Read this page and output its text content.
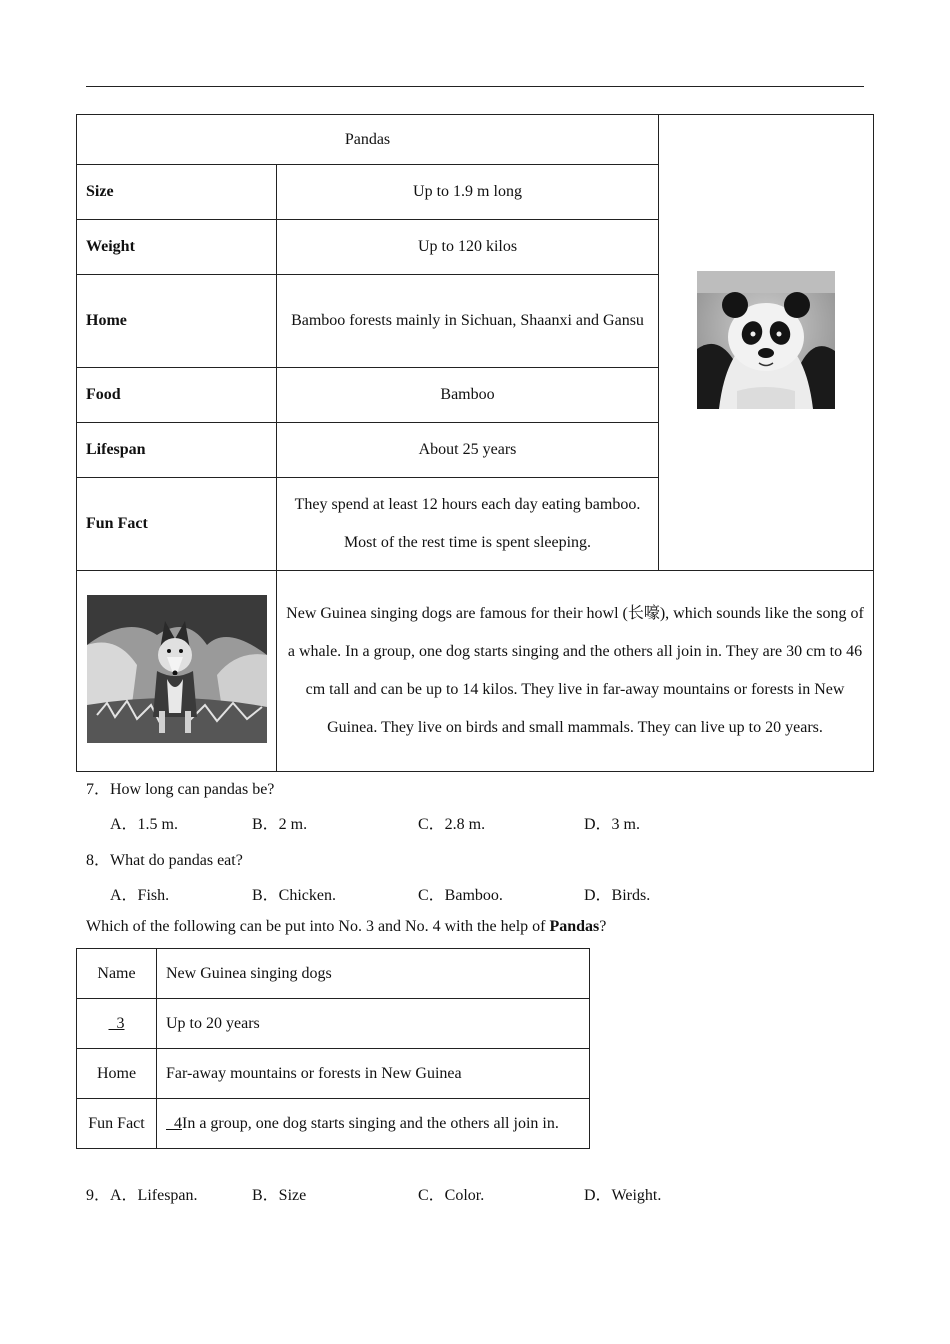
Pandas	
Size	Up to 1.9 m long	
Weight	Up to 120 kilos	
Home	Bamboo forests mainly in Sichuan, Shaanxi and Gansu	
Food	Bamboo	
Lifespan	About 25 years	
Fun Fact	They spend at least 12 hours each day eating bamboo. Most of the rest time is spent sleeping.	
	New Guinea singing dogs are famous for their howl (长嚎), which sounds like the song of a whale. In a group, one dog starts singing and the others all join in. They are 30 cm to 46 cm tall and can be up to 14 kilos. They live in far-away mountains or forests in New Guinea. They live on birds and small mammals. They can live up to 20 years.	
7．How long can pandas be?
A．1.5 m.	B．2 m.	C．2.8 m.	D．3 m.
8．What do pandas eat?
A．Fish.	B．Chicken.	C．Bamboo.	D．Birds.
Which of the following can be put into No. 3 and No. 4 with the help of Pandas?
Name	New Guinea singing dogs
3	Up to 20 years
Home	Far-away mountains or forests in New Guinea
Fun Fact	4In a group, one dog starts singing and the others all join in.
9．A．Lifespan.	B．Size	C．Color.	D．Weight.
